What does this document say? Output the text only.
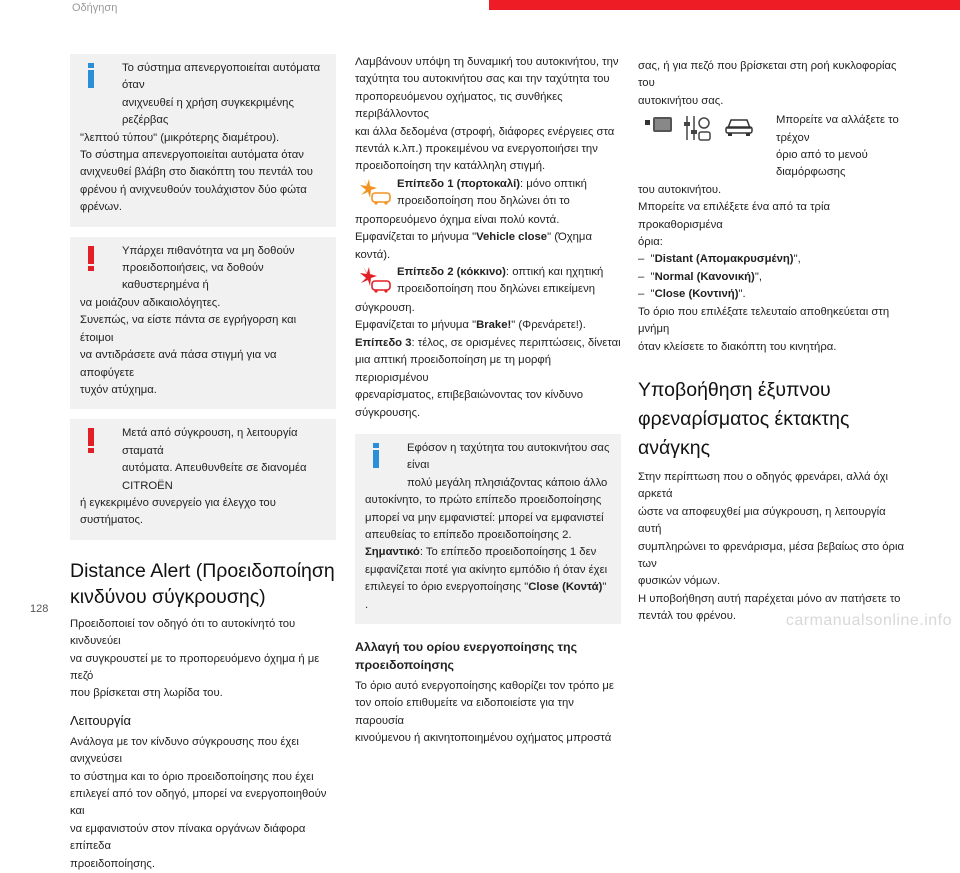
Οδήγηση

Το σύστημα απενεργοποιείται αυτόματα όταν

ανιχνευθεί η χρήση συγκεκριμένης ρεζέρβας

"λεπτού τύπου" (μικρότερης διαμέτρου).

Το σύστημα απενεργοποιείται αυτόματα όταν

ανιχνευθεί βλάβη στο διακόπτη του πεντάλ του

φρένου ή ανιχνευθούν τουλάχιστον δύο φώτα

φρένων.

Υπάρχει πιθανότητα να μη δοθούν

προειδοποιήσεις, να δοθούν καθυστερημένα ή

να μοιάζουν αδικαιολόγητες.

Συνεπώς, να είστε πάντα σε εγρήγορση και έτοιμοι

να αντιδράσετε ανά πάσα στιγμή για να αποφύγετε

τυχόν ατύχημα.

Μετά από σύγκρουση, η λειτουργία σταματά

αυτόματα. Απευθυνθείτε σε διανομέα CITROËN

ή εγκεκριμένο συνεργείο για έλεγχο του συστήματος.

Distance Alert (Προειδοποίηση
κινδύνου σύγκρουσης)

Προειδοποιεί τον οδηγό ότι το αυτοκίνητό του κινδυνεύει

να συγκρουστεί με το προπορευόμενο όχημα ή με πεζό

που βρίσκεται στη λωρίδα του.

Λειτουργία

Ανάλογα με τον κίνδυνο σύγκρουσης που έχει ανιχνεύσει

το σύστημα και το όριο προειδοποίησης που έχει

επιλεγεί από τον οδηγό, μπορεί να ενεργοποιηθούν και

να εμφανιστούν στον πίνακα οργάνων διάφορα επίπεδα

προειδοποίησης.

Λαμβάνουν υπόψη τη δυναμική του αυτοκινήτου, την

ταχύτητα του αυτοκινήτου σας και την ταχύτητα του

προπορευόμενου οχήματος, τις συνθήκες περιβάλλοντος

και άλλα δεδομένα (στροφή, διάφορες ενέργειες στα

πεντάλ κ.λπ.) προκειμένου να ενεργοποιήσει την

προειδοποίηση την κατάλληλη στιγμή.

Επίπεδο 1 (πορτοκαλί): μόνο οπτική

προειδοποίηση που δηλώνει ότι το

προπορευόμενο όχημα είναι πολύ κοντά.

Εμφανίζεται το μήνυμα "Vehicle close" (Όχημα κοντά).

Επίπεδο 2 (κόκκινο): οπτική και ηχητική

προειδοποίηση που δηλώνει επικείμενη

σύγκρουση.

Εμφανίζεται το μήνυμα "Brake!" (Φρενάρετε!).

Επίπεδο 3: τέλος, σε ορισμένες περιπτώσεις, δίνεται

μια απτική προειδοποίηση με τη μορφή περιορισμένου

φρεναρίσματος, επιβεβαιώνοντας τον κίνδυνο

σύγκρουσης.

Εφόσον η ταχύτητα του αυτοκινήτου σας είναι

πολύ μεγάλη πλησιάζοντας κάποιο άλλο

αυτοκίνητο, το πρώτο επίπεδο προειδοποίησης

μπορεί να μην εμφανιστεί: μπορεί να εμφανιστεί

απευθείας το επίπεδο προειδοποίησης 2.

Σημαντικό: Το επίπεδο προειδοποίησης 1 δεν

εμφανίζεται ποτέ για ακίνητο εμπόδιο ή όταν έχει

επιλεγεί το όριο ενεργοποίησης "Close (Κοντά)" .

Αλλαγή του ορίου ενεργοποίησης της
προειδοποίησης

Το όριο αυτό ενεργοποίησης καθορίζει τον τρόπο με

τον οποίο επιθυμείτε να ειδοποιείστε για την παρουσία

κινούμενου ή ακινητοποιημένου οχήματος μπροστά

σας, ή για πεζό που βρίσκεται στη ροή κυκλοφορίας του

αυτοκινήτου σας.

Μπορείτε να αλλάξετε το τρέχον

όριο από το μενού διαμόρφωσης

του αυτοκινήτου.

Μπορείτε να επιλέξετε ένα από τα τρία προκαθορισμένα

όρια:

–  "Distant (Απομακρυσμένη)",

–  "Normal (Κανονική)",

–  "Close (Κοντινή)".

Το όριο που επιλέξατε τελευταίο αποθηκεύεται στη μνήμη

όταν κλείσετε το διακόπτη του κινητήρα.

Υποβοήθηση έξυπνου
φρεναρίσματος έκτακτης
ανάγκης

Στην περίπτωση που ο οδηγός φρενάρει, αλλά όχι αρκετά

ώστε να αποφευχθεί μια σύγκρουση, η λειτουργία αυτή

συμπληρώνει το φρενάρισμα, μέσα βεβαίως στο όρια των

φυσικών νόμων.

Η υποβοήθηση αυτή παρέχεται μόνο αν πατήσετε το

πεντάλ του φρένου.

128
carmanualsonline.info
